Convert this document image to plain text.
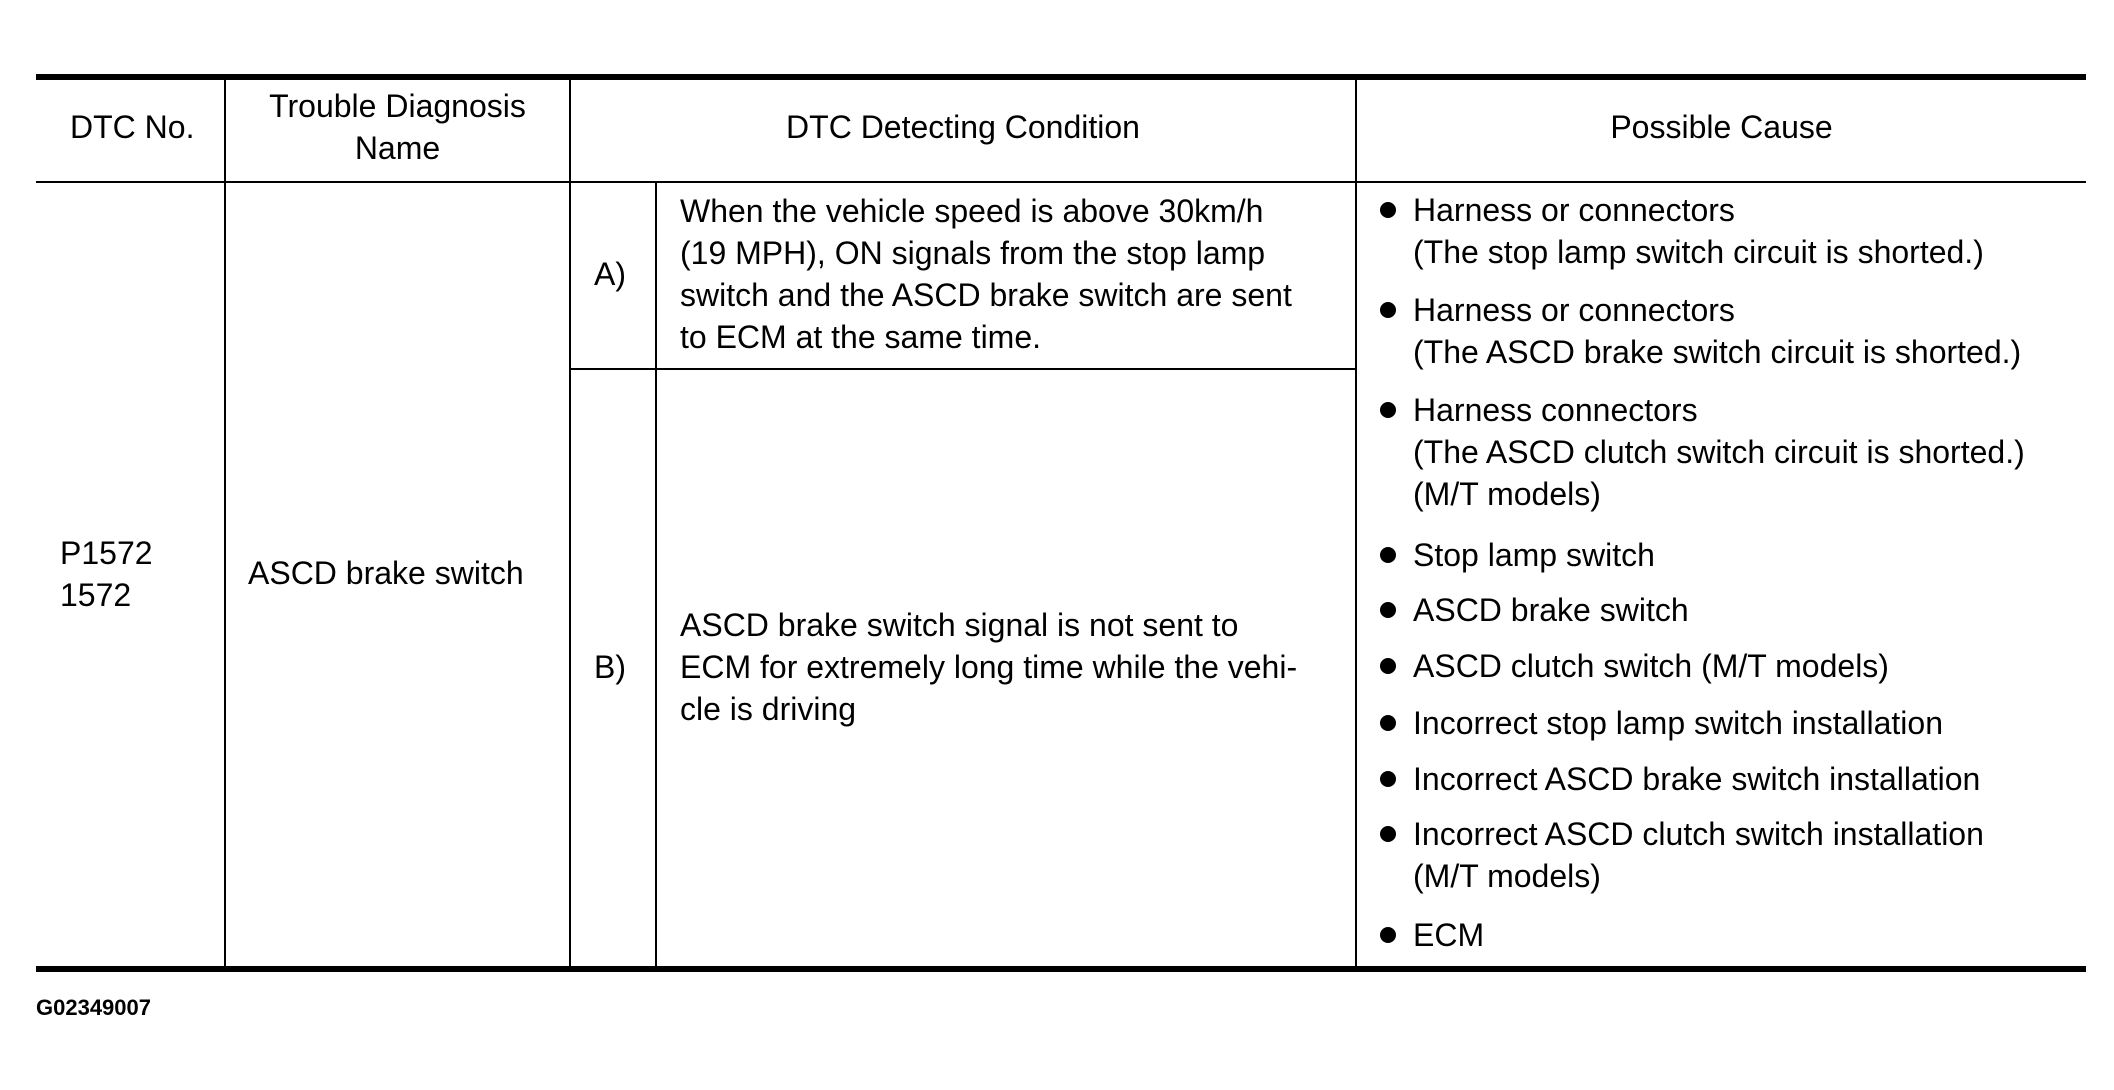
DTC No.
Trouble Diagnosis
Name
DTC Detecting Condition	Possible Cause
P1572
1572
ASCD brake switch
A)
When the vehicle speed is above 30km/h
(19 MPH), ON signals from the stop lamp
switch and the ASCD brake switch are sent
to ECM at the same time.
B)
ASCD brake switch signal is not sent to
ECM for extremely long time while the vehi-
cle is driving
Harness or connectors
(The stop lamp switch circuit is shorted.)
Harness or connectors
(The ASCD brake switch circuit is shorted.)
Harness connectors
(The ASCD clutch switch circuit is shorted.)
(M/T models)
Stop lamp switch
ASCD brake switch
ASCD clutch switch (M/T models)
Incorrect stop lamp switch installation
Incorrect ASCD brake switch installation
Incorrect ASCD clutch switch installation
(M/T models)
ECM
G02349007
